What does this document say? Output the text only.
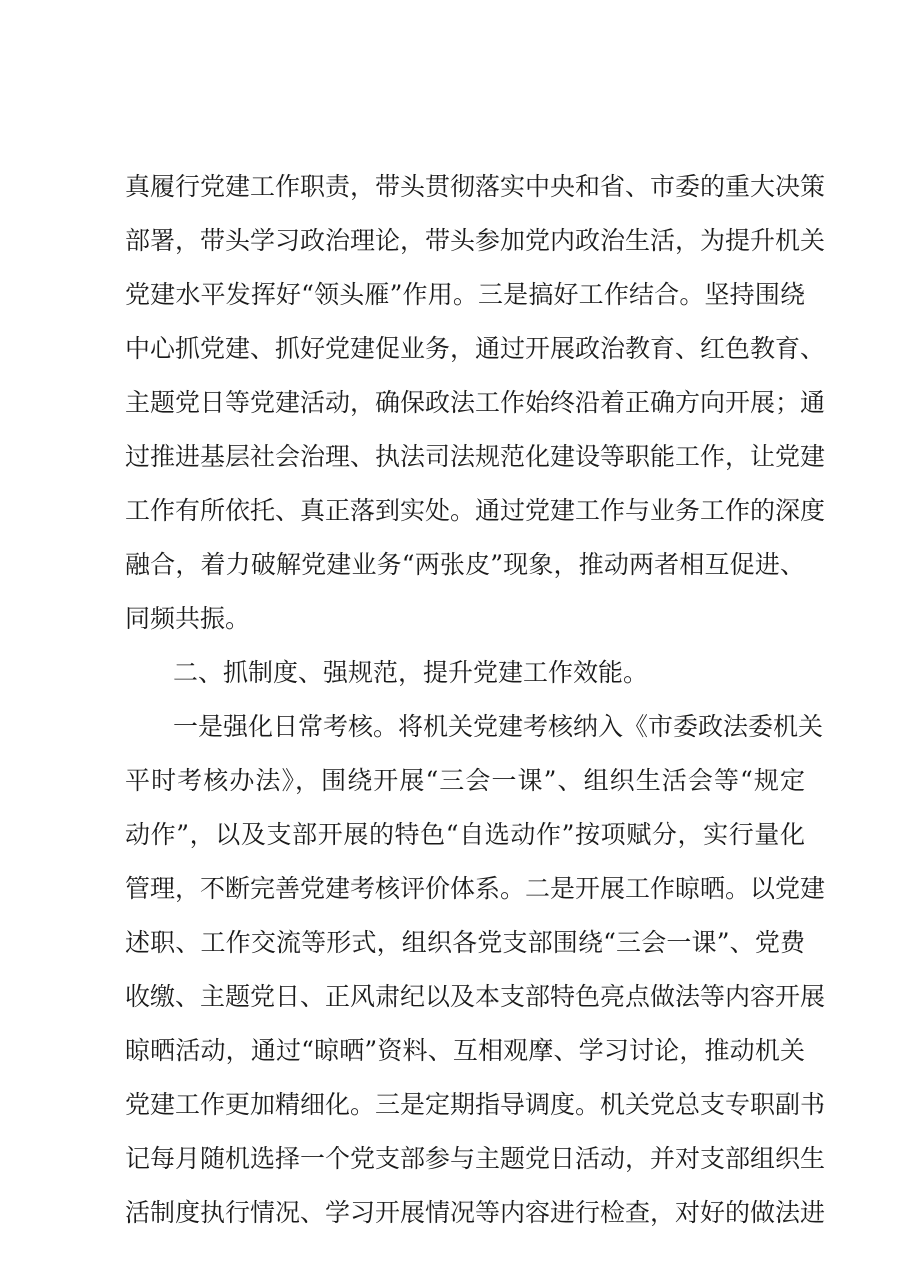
真履行党建工作职责，带头贯彻落实中央和省、市委的重大决策
部署，带头学习政治理论，带头参加党内政治生活，为提升机关
党建水平发挥好“领头雁”作用。三是搞好工作结合。坚持围绕
中心抓党建、抓好党建促业务，通过开展政治教育、红色教育、
主题党日等党建活动，确保政法工作始终沿着正确方向开展；通
过推进基层社会治理、执法司法规范化建设等职能工作，让党建
工作有所依托、真正落到实处。通过党建工作与业务工作的深度
融合，着力破解党建业务“两张皮”现象，推动两者相互促进、
同频共振。
二、抓制度、强规范，提升党建工作效能。
一是强化日常考核。将机关党建考核纳入《市委政法委机关
平时考核办法》，围绕开展“三会一课”、组织生活会等“规定
动作”，以及支部开展的特色“自选动作”按项赋分，实行量化
管理，不断完善党建考核评价体系。二是开展工作晾晒。以党建
述职、工作交流等形式，组织各党支部围绕“三会一课”、党费
收缴、主题党日、正风肃纪以及本支部特色亮点做法等内容开展
晾晒活动，通过“晾晒”资料、互相观摩、学习讨论，推动机关
党建工作更加精细化。三是定期指导调度。机关党总支专职副书
记每月随机选择一个党支部参与主题党日活动，并对支部组织生
活制度执行情况、学习开展情况等内容进行检查，对好的做法进
